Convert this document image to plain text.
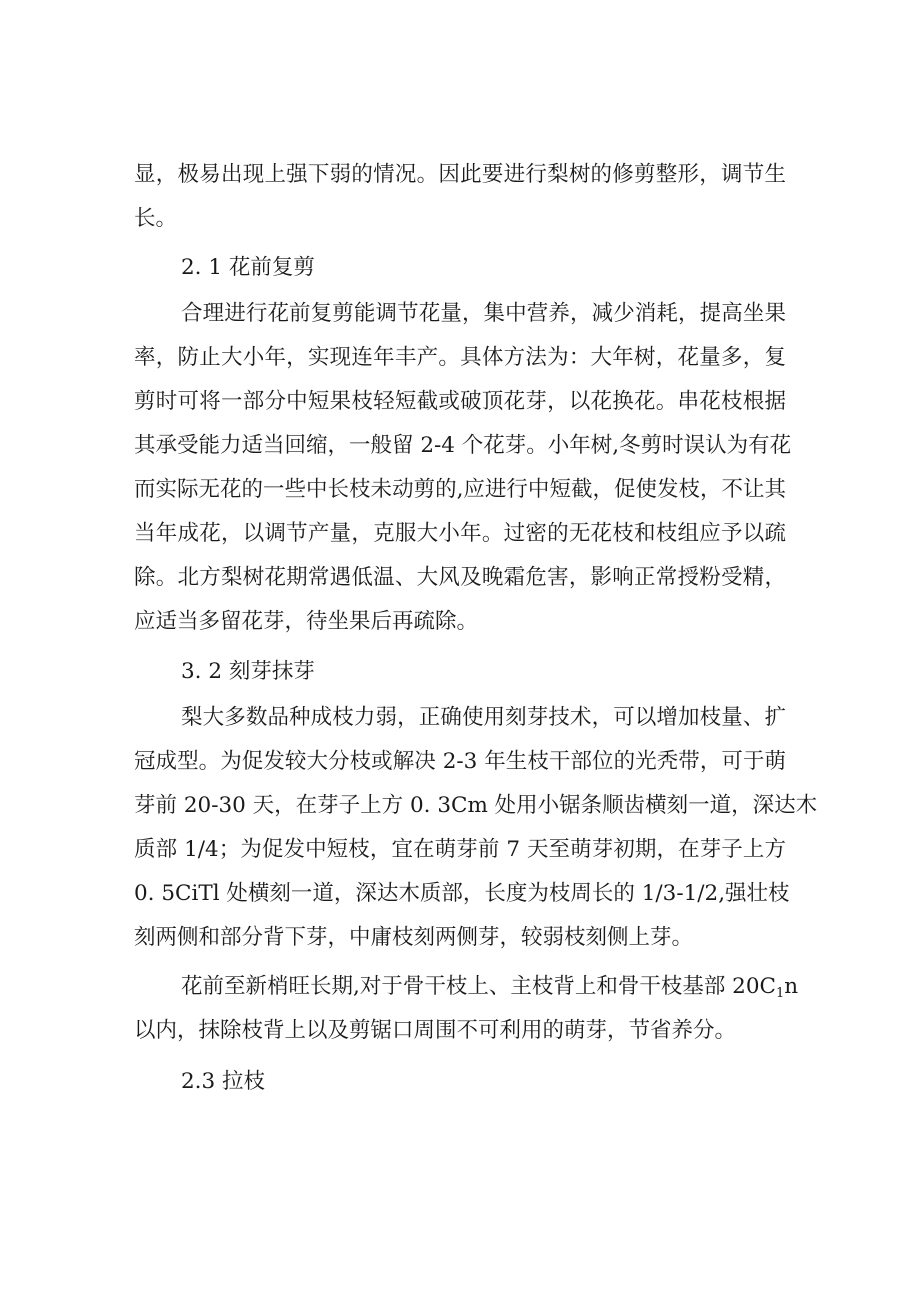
显，极易出现上强下弱的情况。因此要进行梨树的修剪整形，调节生
长。
2. 1 花前复剪
合理进行花前复剪能调节花量，集中营养，减少消耗，提高坐果
率，防止大小年，实现连年丰产。具体方法为：大年树，花量多，复
剪时可将一部分中短果枝轻短截或破顶花芽，以花换花。串花枝根据
其承受能力适当回缩，一般留 2-4 个花芽。小年树,冬剪时误认为有花
而实际无花的一些中长枝未动剪的,应进行中短截，促使发枝，不让其
当年成花，以调节产量，克服大小年。过密的无花枝和枝组应予以疏
除。北方梨树花期常遇低温、大风及晚霜危害，影响正常授粉受精，
应适当多留花芽，待坐果后再疏除。
3. 2 刻芽抹芽
梨大多数品种成枝力弱，正确使用刻芽技术，可以增加枝量、扩
冠成型。为促发较大分枝或解决 2-3 年生枝干部位的光秃带，可于萌
芽前 20-30 天，在芽子上方 0. 3Cm 处用小锯条顺齿横刻一道，深达木
质部 1/4；为促发中短枝，宜在萌芽前 7 天至萌芽初期，在芽子上方
0. 5CiTl 处横刻一道，深达木质部，长度为枝周长的 1/3-1/2,强壮枝
刻两侧和部分背下芽，中庸枝刻两侧芽，较弱枝刻侧上芽。
花前至新梢旺长期,对于骨干枝上、主枝背上和骨干枝基部 $20C_1n$
以内，抹除枝背上以及剪锯口周围不可利用的萌芽，节省养分。
2.3 拉枝
